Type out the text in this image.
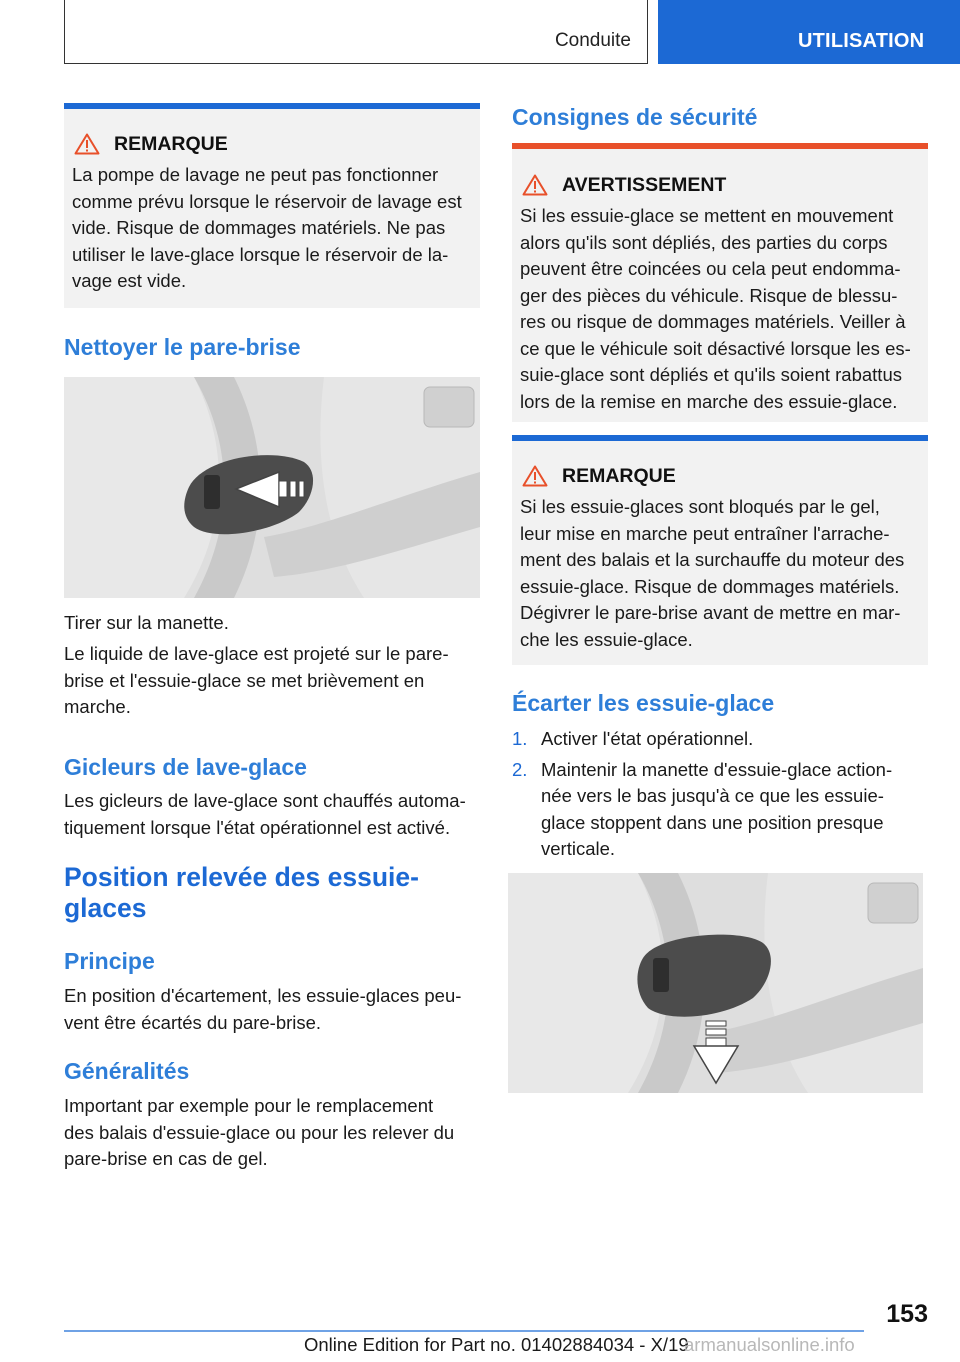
Conduite	UTILISATION
REMARQUE
La pompe de lavage ne peut pas fonctionner
comme prévu lorsque le réservoir de lavage est
vide. Risque de dommages matériels. Ne pas
utiliser le lave-glace lorsque le réservoir de la-
vage est vide.
Nettoyer le pare-brise

Tirer sur la manette.

Le liquide de lave-glace est projeté sur le pare-
brise et l'essuie-glace se met brièvement en
marche.
Gicleurs de lave-glace
Les gicleurs de lave-glace sont chauffés automa-
tiquement lorsque l'état opérationnel est activé.
Position relevée des essuie-
glaces
Principe
En position d'écartement, les essuie-glaces peu-
vent être écartés du pare-brise.
Généralités
Important par exemple pour le remplacement
des balais d'essuie-glace ou pour les relever du
pare-brise en cas de gel.
Consignes de sécurité
AVERTISSEMENT
Si les essuie-glace se mettent en mouvement
alors qu'ils sont dépliés, des parties du corps
peuvent être coincées ou cela peut endomma-
ger des pièces du véhicule. Risque de blessu-
res ou risque de dommages matériels. Veiller à
ce que le véhicule soit désactivé lorsque les es-
suie-glace sont dépliés et qu'ils soient rabattus
lors de la remise en marche des essuie-glace.
REMARQUE
Si les essuie-glaces sont bloqués par le gel,
leur mise en marche peut entraîner l'arrache-
ment des balais et la surchauffe du moteur des
essuie-glace. Risque de dommages matériels.
Dégivrer le pare-brise avant de mettre en mar-
che les essuie-glace.
Écarter les essuie-glace
1. Activer l'état opérationnel.
2. Maintenir la manette d'essuie-glace action-
née vers le bas jusqu'à ce que les essuie-
glace stoppent dans une position presque
verticale.
153
Online Edition for Part no. 01402884034 - X/19
armanualsonline.info
